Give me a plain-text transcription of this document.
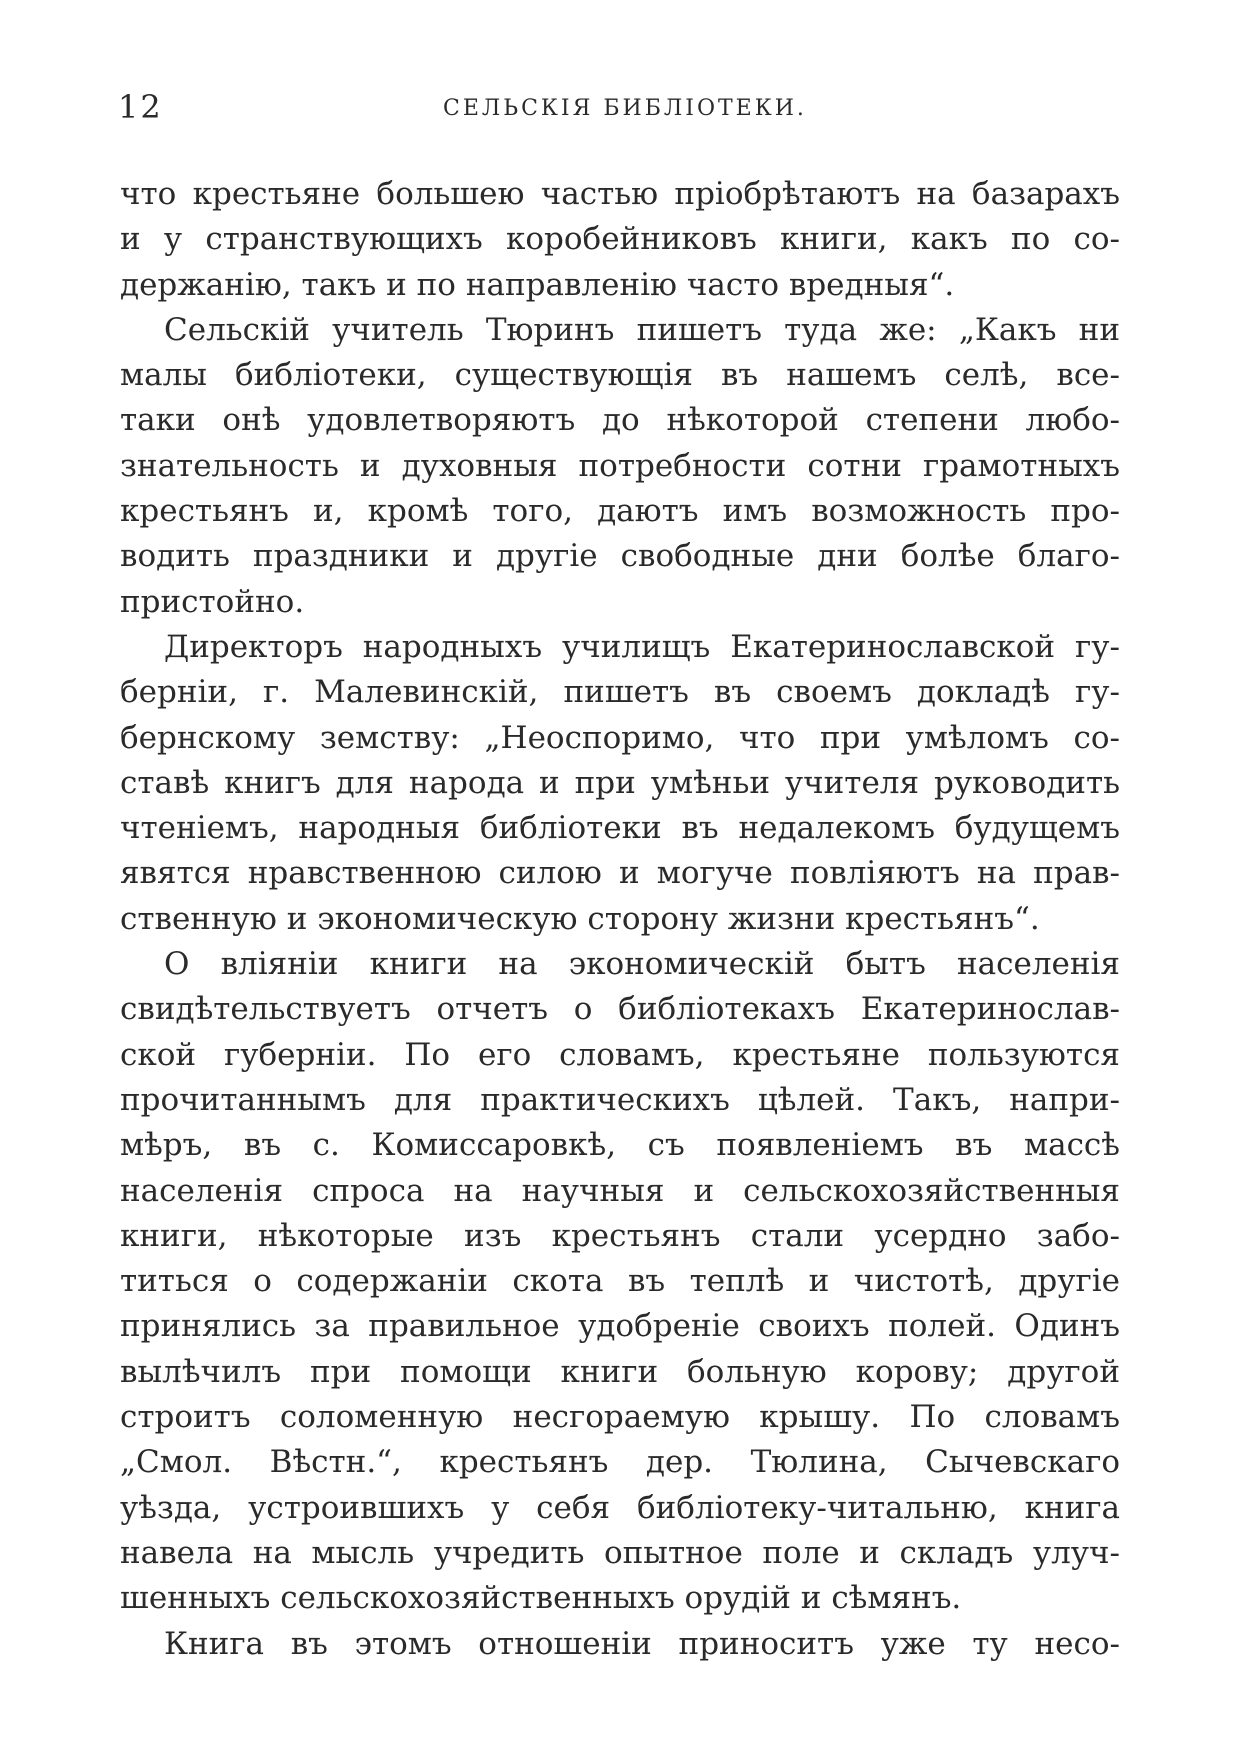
12	СЕЛЬСКІЯ БИБЛІОТЕКИ.
что крестьяне большею частью пріобрѣтаютъ на базарахъ
и у странствующихъ коробейниковъ книги, какъ по со-
держанію, такъ и по направленію часто вредныя“.
Сельскій учитель Тюринъ пишетъ туда же: „Какъ ни
малы библіотеки, существующія въ нашемъ селѣ, все-
таки онѣ удовлетворяютъ до нѣкоторой степени любо-
знательность и духовныя потребности сотни грамотныхъ
крестьянъ и, кромѣ того, даютъ имъ возможность про-
водить праздники и другіе свободные дни болѣе благо-
пристойно.
Директоръ народныхъ училищъ Екатеринославской гу-
берніи, г. Малевинскій, пишетъ въ своемъ докладѣ гу-
бернскому земству: „Неоспоримо, что при умѣломъ со-
ставѣ книгъ для народа и при умѣньи учителя руководить
чтеніемъ, народныя библіотеки въ недалекомъ будущемъ
явятся нравственною силою и могуче повліяютъ на прав-
ственную и экономическую сторону жизни крестьянъ“.
О вліяніи книги на экономическій бытъ населенія
свидѣтельствуетъ отчетъ о библіотекахъ Екатеринослав-
ской губерніи. По его словамъ, крестьяне пользуются
прочитаннымъ для практическихъ цѣлей. Такъ, напри-
мѣръ, въ с. Комиссаровкѣ, съ появленіемъ въ массѣ
населенія спроса на научныя и сельскохозяйственныя
книги, нѣкоторые изъ крестьянъ стали усердно забо-
титься о содержаніи скота въ теплѣ и чистотѣ, другіе
принялись за правильное удобреніе своихъ полей. Одинъ
вылѣчилъ при помощи книги больную корову; другой
строитъ соломенную несгораемую крышу. По словамъ
„Смол. Вѣстн.“, крестьянъ дер. Тюлина, Сычевскаго
уѣзда, устроившихъ у себя библіотеку-читальню, книга
навела на мысль учредить опытное поле и складъ улуч-
шенныхъ сельскохозяйственныхъ орудій и сѣмянъ.
Книга въ этомъ отношеніи приноситъ уже ту несо-
